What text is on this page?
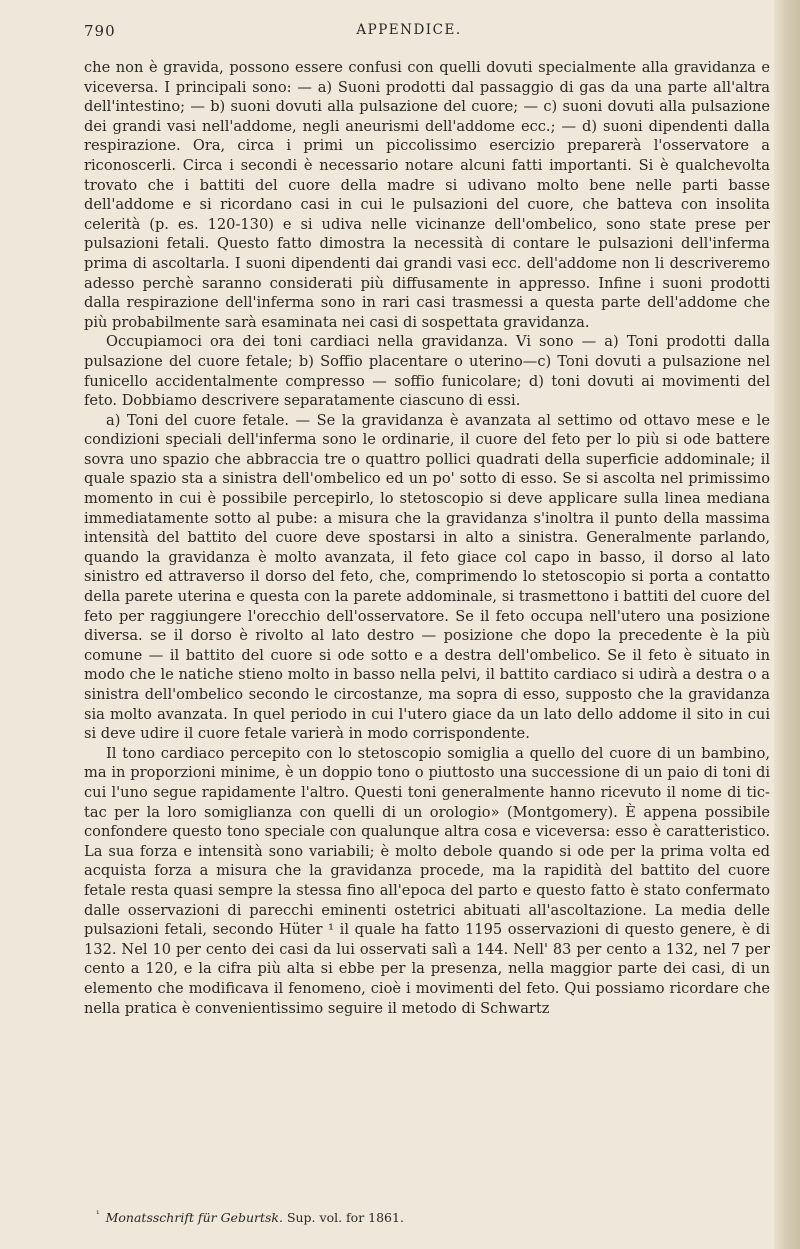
790	APPENDICE.

che non è gravida, possono essere confusi con quelli dovuti specialmente alla gravidanza e viceversa. I principali sono: — a) Suoni prodotti dal passaggio di gas da una parte all'altra dell'intestino; — b) suoni dovuti alla pulsazione del cuore; — c) suoni dovuti alla pulsazione dei grandi vasi nell'addome, negli aneurismi dell'addome ecc.; — d) suoni dipendenti dalla respirazione. Ora, circa i primi un piccolissimo esercizio preparerà l'osservatore a riconoscerli. Circa i secondi è necessario notare alcuni fatti importanti. Si è qualchevolta trovato che i battiti del cuore della madre si udivano molto bene nelle parti basse dell'addome e si ricordano casi in cui le pulsazioni del cuore, che batteva con insolita celerità (p. es. 120-130) e si udiva nelle vicinanze dell'ombelico, sono state prese per pulsazioni fetali. Questo fatto dimostra la necessità di contare le pulsazioni dell'inferma prima di ascoltarla. I suoni dipendenti dai grandi vasi ecc. dell'addome non li descriveremo adesso perchè saranno considerati più diffusamente in appresso. Infine i suoni prodotti dalla respirazione dell'inferma sono in rari casi trasmessi a questa parte dell'addome che più probabilmente sarà esaminata nei casi di sospettata gravidanza.

Occupiamoci ora dei toni cardiaci nella gravidanza. Vi sono — a) Toni prodotti dalla pulsazione del cuore fetale; b) Soffio placentare o uterino—c) Toni dovuti a pulsazione nel funicello accidentalmente compresso — soffio funicolare; d) toni dovuti ai movimenti del feto. Dobbiamo descrivere separatamente ciascuno di essi.

a) Toni del cuore fetale. — Se la gravidanza è avanzata al settimo od ottavo mese e le condizioni speciali dell'inferma sono le ordinarie, il cuore del feto per lo più si ode battere sovra uno spazio che abbraccia tre o quattro pollici quadrati della superficie addominale; il quale spazio sta a sinistra dell'ombelico ed un po' sotto di esso. Se si ascolta nel primissimo momento in cui è possibile percepirlo, lo stetoscopio si deve applicare sulla linea mediana immediatamente sotto al pube: a misura che la gravidanza s'inoltra il punto della massima intensità del battito del cuore deve spostarsi in alto a sinistra. Generalmente parlando, quando la gravidanza è molto avanzata, il feto giace col capo in basso, il dorso al lato sinistro ed attraverso il dorso del feto, che, comprimendo lo stetoscopio si porta a contatto della parete uterina e questa con la parete addominale, si trasmettono i battiti del cuore del feto per raggiungere l'orecchio dell'osservatore. Se il feto occupa nell'utero una posizione diversa. se il dorso è rivolto al lato destro — posizione che dopo la precedente è la più comune — il battito del cuore si ode sotto e a destra dell'ombelico. Se il feto è situato in modo che le natiche stieno molto in basso nella pelvi, il battito cardiaco si udirà a destra o a sinistra dell'ombelico secondo le circostanze, ma sopra di esso, supposto che la gravidanza sia molto avanzata. In quel periodo in cui l'utero giace da un lato dello addome il sito in cui si deve udire il cuore fetale varierà in modo corrispondente.

Il tono cardiaco percepito con lo stetoscopio somiglia a quello del cuore di un bambino, ma in proporzioni minime, è un doppio tono o piuttosto una successione di un paio di toni di cui l'uno segue rapidamente l'altro. Questi toni generalmente hanno ricevuto il nome di tic-tac per la loro somiglianza con quelli di un orologio» (Montgomery). È appena possibile confondere questo tono speciale con qualunque altra cosa e viceversa: esso è caratteristico. La sua forza e intensità sono variabili; è molto debole quando si ode per la prima volta ed acquista forza a misura che la gravidanza procede, ma la rapidità del battito del cuore fetale resta quasi sempre la stessa fino all'epoca del parto e questo fatto è stato confermato dalle osservazioni di parecchi eminenti ostetrici abituati all'ascoltazione. La media delle pulsazioni fetali, secondo Hüter ¹ il quale ha fatto 1195 osservazioni di questo genere, è di 132. Nel 10 per cento dei casi da lui osservati salì a 144. Nell' 83 per cento a 132, nel 7 per cento a 120, e la cifra più alta si ebbe per la presenza, nella maggior parte dei casi, di un elemento che modificava il fenomeno, cioè i movimenti del feto. Qui possiamo ricordare che nella pratica è convenientissimo seguire il metodo di Schwartz

$^{^1}$ Monatsschrift für Geburtsk. Sup. vol. for 1861.
